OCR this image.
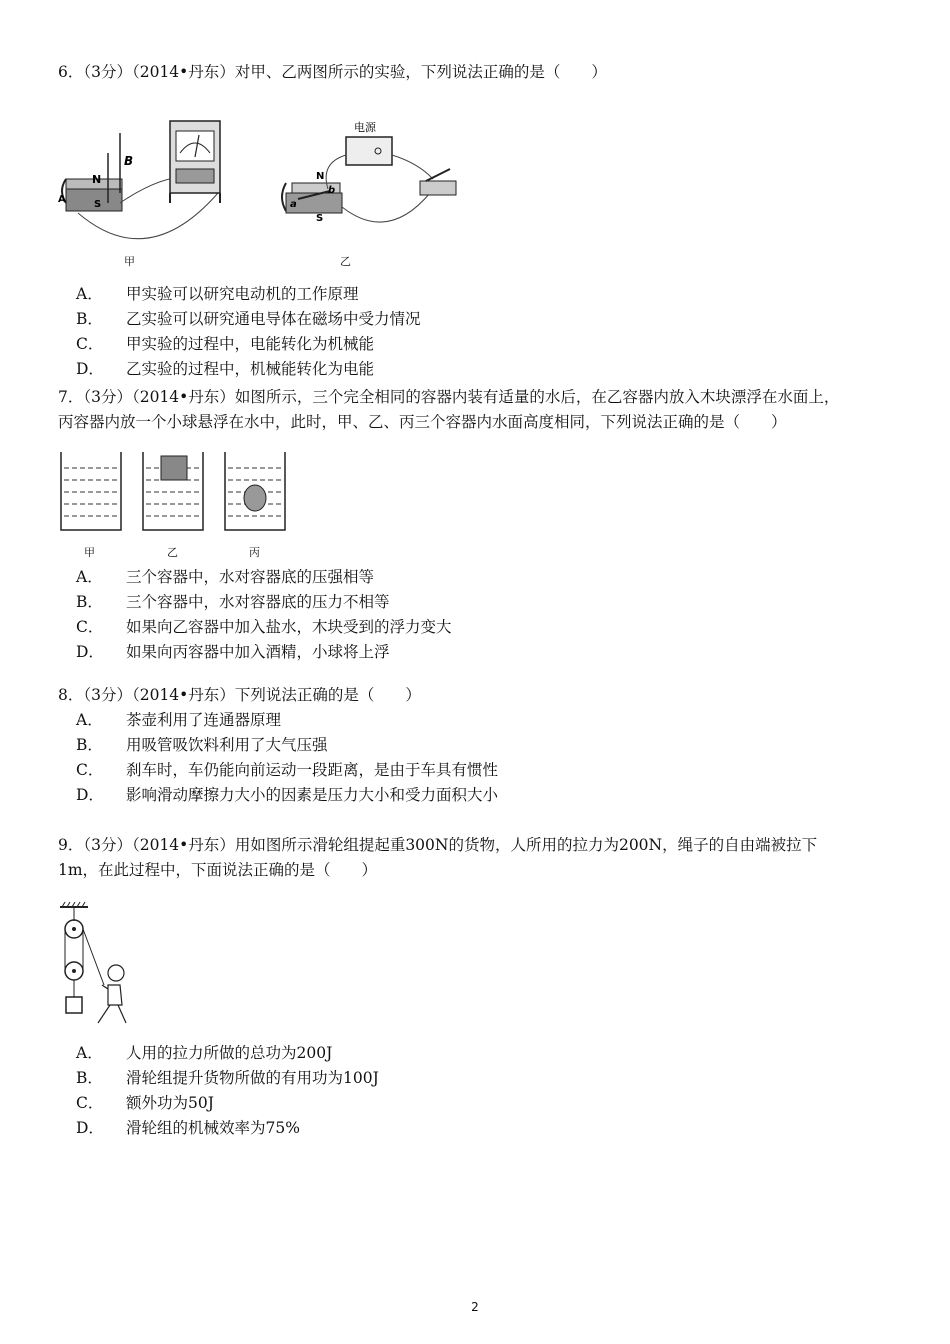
6．（3分）（2014•丹东）对甲、乙两图所示的实验，下列说法正确的是（　　）

N
B
A	S
N
b
a
S
电源
甲	乙
A．	甲实验可以研究电动机的工作原理
B．	乙实验可以研究通电导体在磁场中受力情况
C．	甲实验的过程中，电能转化为机械能
D．	乙实验的过程中，机械能转化为电能

7．（3分）（2014•丹东）如图所示，三个完全相同的容器内装有适量的水后，在乙容器内放入木块漂浮在水面上，

丙容器内放一个小球悬浮在水中，此时，甲、乙、丙三个容器内水面高度相同，下列说法正确的是（　　）

甲	乙	丙
A．	三个容器中，水对容器底的压强相等
B．	三个容器中，水对容器底的压力不相等
C．	如果向乙容器中加入盐水，木块受到的浮力变大
D．	如果向丙容器中加入酒精，小球将上浮

8．（3分）（2014•丹东）下列说法正确的是（　　）

A．	茶壶利用了连通器原理
B．	用吸管吸饮料利用了大气压强
C．	刹车时，车仍能向前运动一段距离，是由于车具有惯性
D．	影响滑动摩擦力大小的因素是压力大小和受力面积大小

9．（3分）（2014•丹东）用如图所示滑轮组提起重300N的货物，人所用的拉力为200N，绳子的自由端被拉下

1m，在此过程中，下面说法正确的是（　　）

A．	人用的拉力所做的总功为200J
B．	滑轮组提升货物所做的有用功为100J
C．	额外功为50J
D．	滑轮组的机械效率为75%
2
